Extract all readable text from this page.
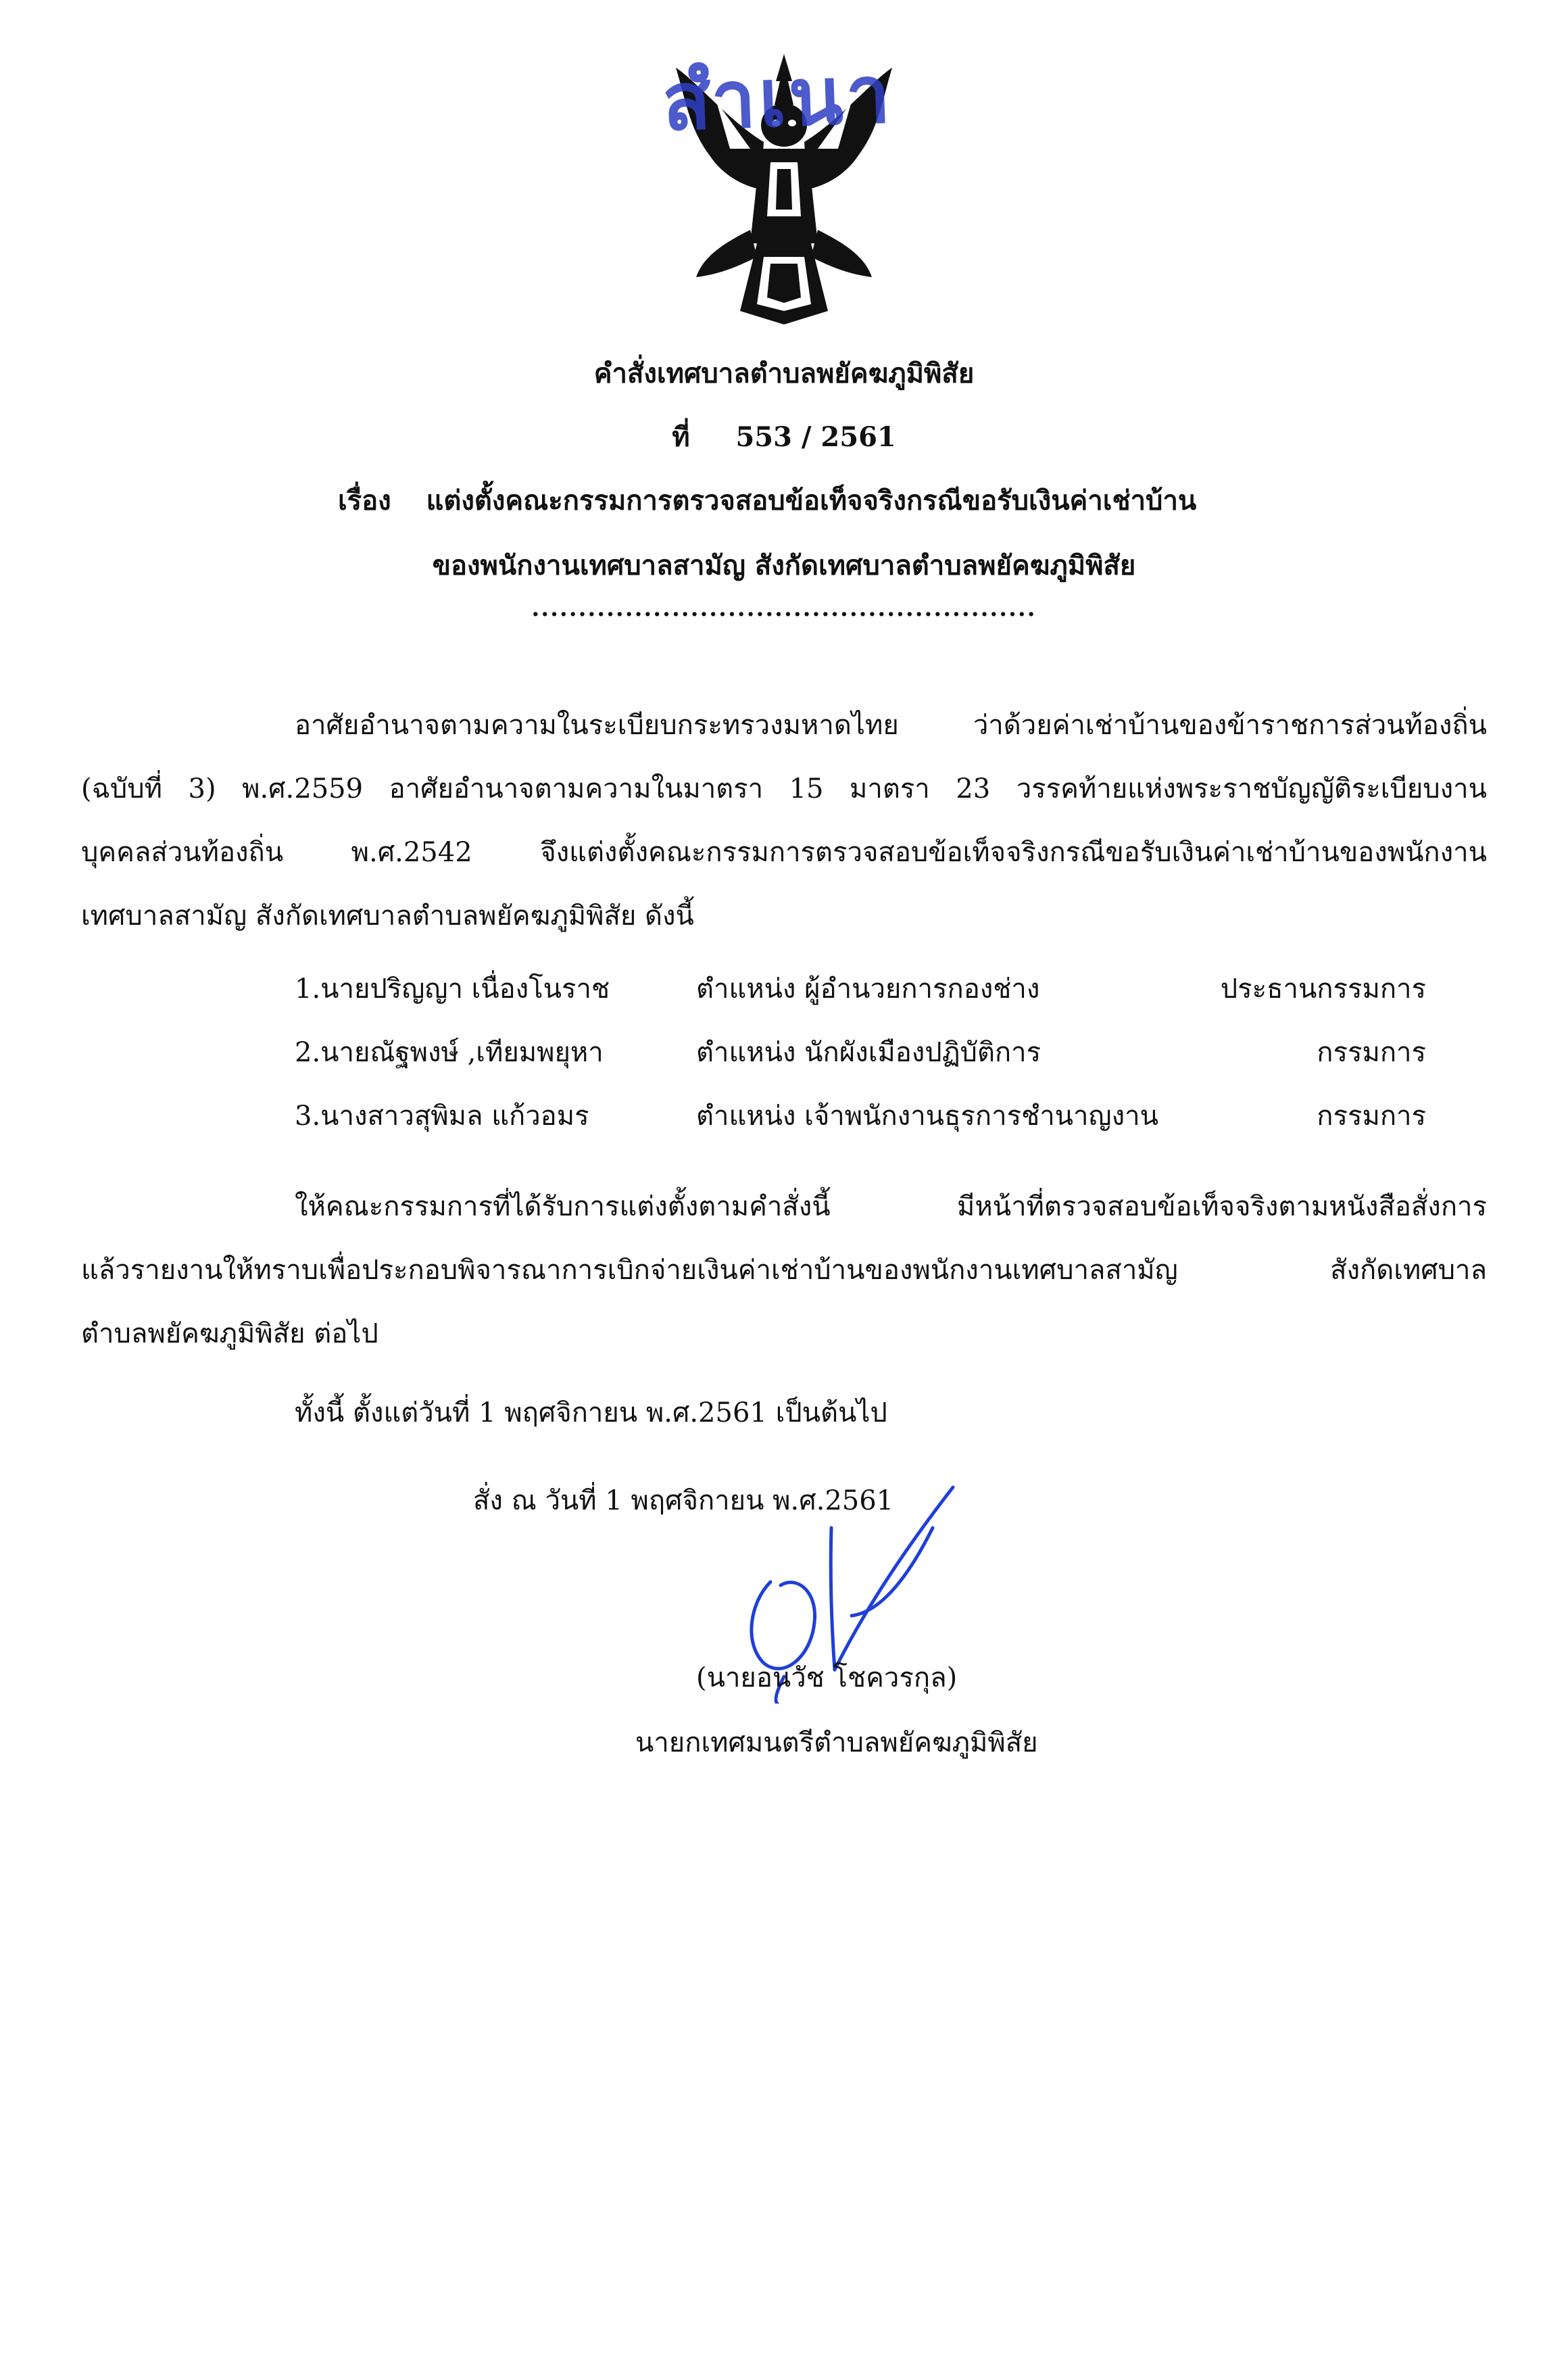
สำเนา
คำสั่งเทศบาลตำบลพยัคฆภูมิพิสัย
ที่ 553 / 2561
เรื่อง แต่งตั้งคณะกรรมการตรวจสอบข้อเท็จจริงกรณีขอรับเงินค่าเช่าบ้าน
ของพนักงานเทศบาลสามัญ สังกัดเทศบาลตำบลพยัคฆภูมิพิสัย
......................................................
อาศัยอำนาจตามความในระเบียบกระทรวงมหาดไทย ว่าด้วยค่าเช่าบ้านของข้าราชการส่วนท้องถิ่น
(ฉบับที่ 3) พ.ศ.2559 อาศัยอำนาจตามความในมาตรา 15 มาตรา 23 วรรคท้ายแห่งพระราชบัญญัติระเบียบงาน
บุคคลส่วนท้องถิ่น พ.ศ.2542 จึงแต่งตั้งคณะกรรมการตรวจสอบข้อเท็จจริงกรณีขอรับเงินค่าเช่าบ้านของพนักงาน
เทศบาลสามัญ สังกัดเทศบาลตำบลพยัคฆภูมิพิสัย ดังนี้
1.นายปริญญา เนื่องโนราช	ตำแหน่ง ผู้อำนวยการกองช่าง	ประธานกรรมการ
2.นายณัฐพงษ์ ,เทียมพยุหา	ตำแหน่ง นักผังเมืองปฏิบัติการ	กรรมการ
3.นางสาวสุพิมล แก้วอมร	ตำแหน่ง เจ้าพนักงานธุรการชำนาญงาน	กรรมการ
ให้คณะกรรมการที่ได้รับการแต่งตั้งตามคำสั่งนี้ มีหน้าที่ตรวจสอบข้อเท็จจริงตามหนังสือสั่งการ
แล้วรายงานให้ทราบเพื่อประกอบพิจารณาการเบิกจ่ายเงินค่าเช่าบ้านของพนักงานเทศบาลสามัญ สังกัดเทศบาล
ตำบลพยัคฆภูมิพิสัย ต่อไป
ทั้งนี้ ตั้งแต่วันที่ 1 พฤศจิกายน พ.ศ.2561 เป็นต้นไป
สั่ง ณ วันที่ 1 พฤศจิกายน พ.ศ.2561
(นายอนวัช โชควรกุล)
นายกเทศมนตรีตำบลพยัคฆภูมิพิสัย
